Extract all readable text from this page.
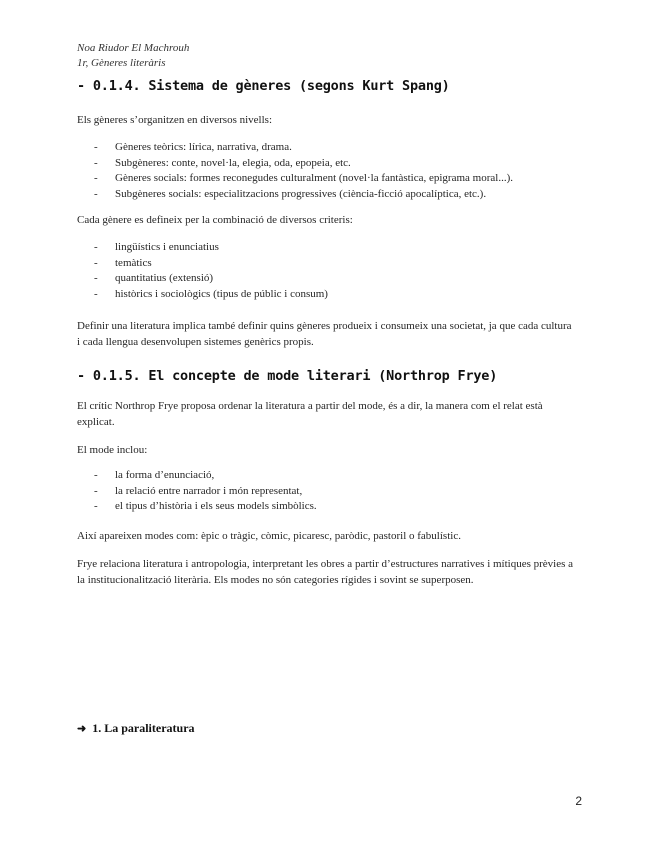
Noa Riudor El Machrouh
1r, Gèneres literàris
- 0.1.4. Sistema de gèneres (segons Kurt Spang)

Els gèneres s’organitzen en diversos nivells:

- Gèneres teòrics: lírica, narrativa, drama.
- Subgèneres: conte, novel·la, elegia, oda, epopeia, etc.
- Gèneres socials: formes reconegudes culturalment (novel·la fantàstica, epigrama moral...).
- Subgèneres socials: especialitzacions progressives (ciència-ficció apocalíptica, etc.).

Cada gènere es defineix per la combinació de diversos criteris:

- lingüístics i enunciatius
- temàtics
- quantitatius (extensió)
- històrics i sociològics (tipus de públic i consum)

Definir una literatura implica també definir quins gèneres produeix i consumeix una societat, ja que cada cultura i cada llengua desenvolupen sistemes genèrics propis.

- 0.1.5. El concepte de mode literari (Northrop Frye)

El crític Northrop Frye proposa ordenar la literatura a partir del mode, és a dir, la manera com el relat està explicat.

El mode inclou:

- la forma d’enunciació,
- la relació entre narrador i món representat,
- el tipus d’història i els seus models simbòlics.

Així apareixen modes com: èpic o tràgic, còmic, picaresc, paròdic, pastoril o fabulístic.

Frye relaciona literatura i antropologia, interpretant les obres a partir d’estructures narratives i mítiques prèvies a la institucionalització literària. Els modes no són categories rígides i sovint se superposen.

➜ 1. La paraliteratura
2
